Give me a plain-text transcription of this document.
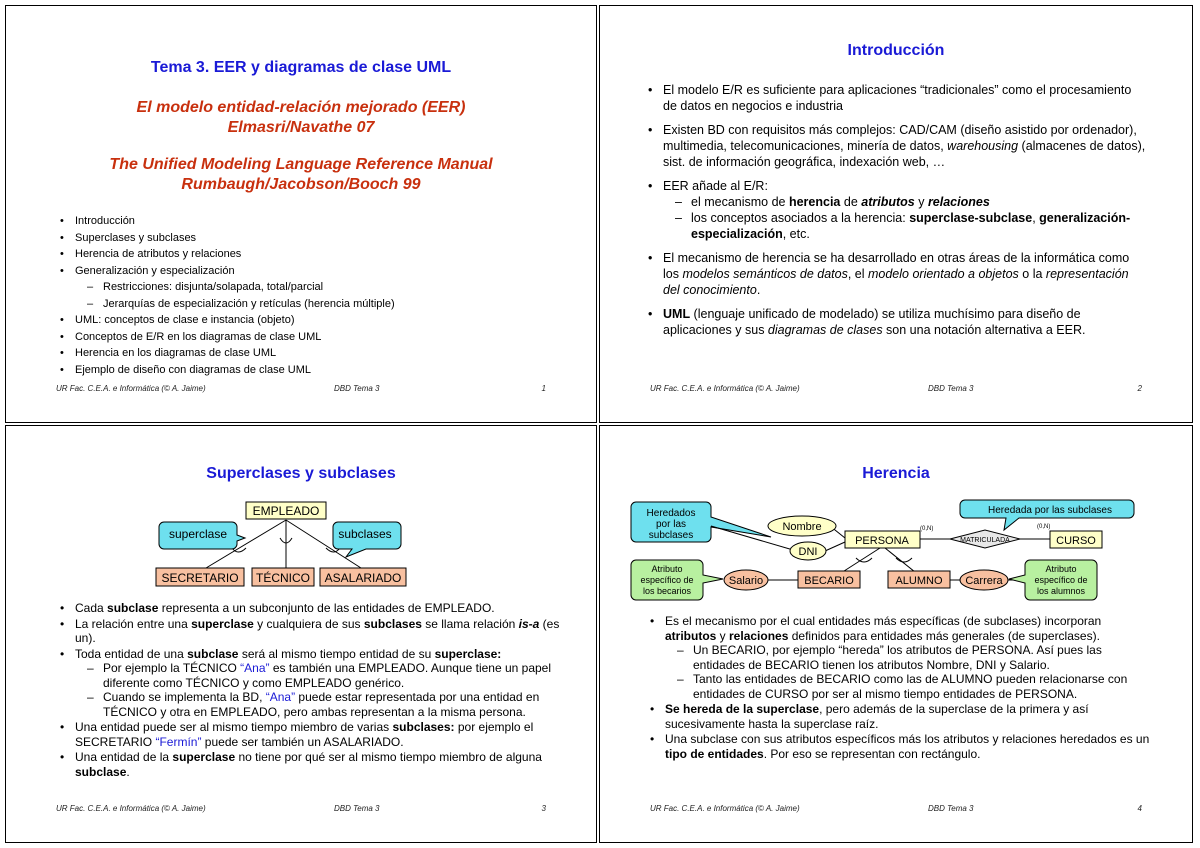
Tema 3. EER y diagramas de clase UML
El modelo entidad-relación mejorado (EER)
Elmasri/Navathe 07
The Unified Modeling Language Reference Manual
Rumbaugh/Jacobson/Booch 99
• Introducción
• Superclases y subclases
• Herencia de atributos y relaciones
• Generalización y especialización
– Restricciones: disjunta/solapada, total/parcial
– Jerarquías de especialización y retículas (herencia múltiple)
• UML: conceptos de clase e instancia (objeto)
• Conceptos de E/R en los diagramas de clase UML
• Herencia en los diagramas de clase UML
• Ejemplo de diseño con diagramas de clase UML
UR Fac. C.E.A. e Informática (© A. Jaime)	DBD Tema 3	1
Introducción
• El modelo E/R es suficiente para aplicaciones “tradicionales” como el procesamiento de datos en negocios e industria
• Existen BD con requisitos más complejos: CAD/CAM (diseño asistido por ordenador), multimedia, telecomunicaciones, minería de datos, warehousing (almacenes de datos), sist. de información geográfica, indexación web, …
• EER añade al E/R:
– el mecanismo de herencia de atributos y relaciones
– los conceptos asociados a la herencia: superclase-subclase, generalización-especialización, etc.
• El mecanismo de herencia se ha desarrollado en otras áreas de la informática como los modelos semánticos de datos, el modelo orientado a objetos o la representación del conocimiento.
• UML (lenguaje unificado de modelado) se utiliza muchísimo para diseño de aplicaciones y sus diagramas de clases son una notación alternativa a EER.
UR Fac. C.E.A. e Informática (© A. Jaime)	DBD Tema 3	2
Superclases y subclases
EMPLEADO
superclase	subclases
SECRETARIO TÉCNICO ASALARIADO
• Cada subclase representa a un subconjunto de las entidades de EMPLEADO.
• La relación entre una superclase y cualquiera de sus subclases se llama relación is-a (es un).
• Toda entidad de una subclase será al mismo tiempo entidad de su superclase:
– Por ejemplo la TÉCNICO “Ana” es también una EMPLEADO. Aunque tiene un papel diferente como TÉCNICO y como EMPLEADO genérico.
– Cuando se implementa la BD, “Ana” puede estar representada por una entidad en TÉCNICO y otra en EMPLEADO, pero ambas representan a la misma persona.
• Una entidad puede ser al mismo tiempo miembro de varias subclases: por ejemplo el SECRETARIO “Fermín” puede ser también un ASALARIADO.
• Una entidad de la superclase no tiene por qué ser al mismo tiempo miembro de alguna subclase.
UR Fac. C.E.A. e Informática (© A. Jaime)	DBD Tema 3	3
Herencia
Heredados
por las
subclases
Nombre
DNI
PERSONA	MATRICULADA
(0,N)	(0,N)
CURSO
Heredada por las subclases
Atributo
específico de
los becarios
Salario	BECARIO	ALUMNO Carrera
Atributo
específico de
los alumnos
• Es el mecanismo por el cual entidades más específicas (de subclases) incorporan atributos y relaciones definidos para entidades más generales (de superclases).
– Un BECARIO, por ejemplo “hereda” los atributos de PERSONA. Así pues las entidades de BECARIO tienen los atributos Nombre, DNI y Salario.
– Tanto las entidades de BECARIO como las de ALUMNO pueden relacionarse con entidades de CURSO por ser al mismo tiempo entidades de PERSONA.
• Se hereda de la superclase, pero además de la superclase de la primera y así sucesivamente hasta la superclase raíz.
• Una subclase con sus atributos específicos más los atributos y relaciones heredados es un tipo de entidades. Por eso se representan con rectángulo.
UR Fac. C.E.A. e Informática (© A. Jaime)	DBD Tema 3	4
